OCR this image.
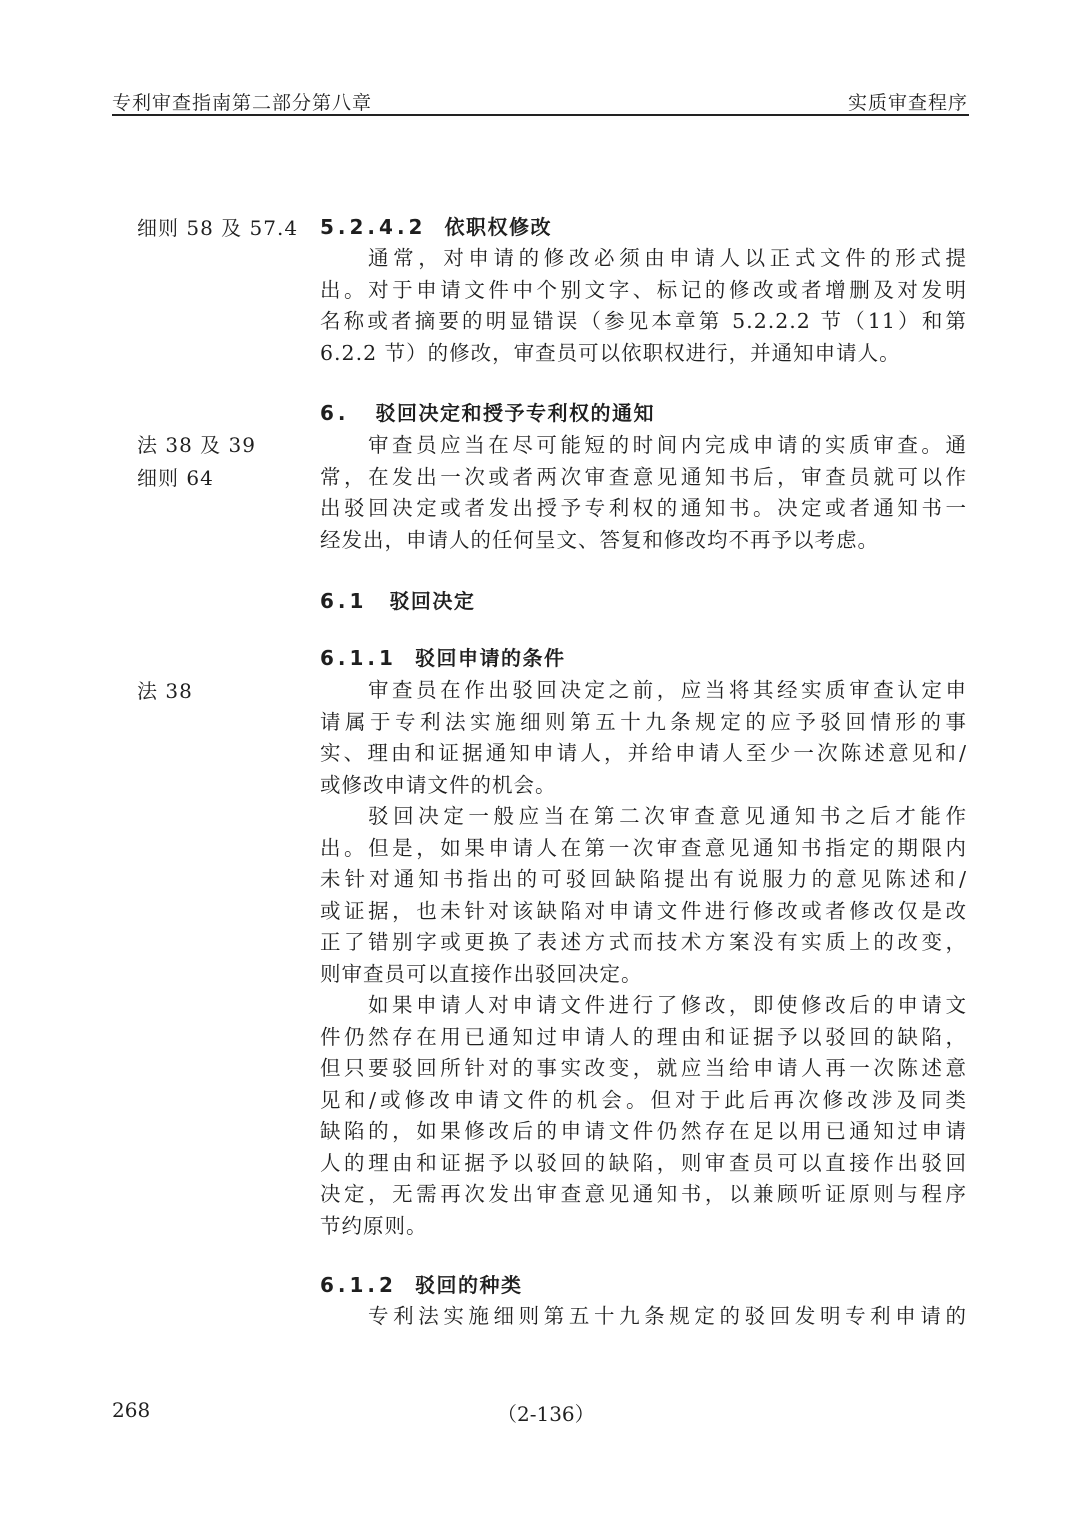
专利审查指南第二部分第八章	实质审查程序
细则 58 及 57.4 5.2.4.2 依职权修改
通常，对申请的修改必须由申请人以正式文件的形式提
出。对于申请文件中个别文字、标记的修改或者增删及对发明
名称或者摘要的明显错误（参见本章第 5.2.2.2 节（11）和第
6.2.2 节）的修改，审查员可以依职权进行，并通知申请人。
6. 驳回决定和授予专利权的通知
法 38 及 39
细则 64
审查员应当在尽可能短的时间内完成申请的实质审查。通
常，在发出一次或者两次审查意见通知书后，审查员就可以作
出驳回决定或者发出授予专利权的通知书。决定或者通知书一
经发出，申请人的任何呈文、答复和修改均不再予以考虑。
6.1 驳回决定
6.1.1 驳回申请的条件
法 38	审查员在作出驳回决定之前，应当将其经实质审查认定申
请属于专利法实施细则第五十九条规定的应予驳回情形的事
实、理由和证据通知申请人，并给申请人至少一次陈述意见和/
或修改申请文件的机会。
驳回决定一般应当在第二次审查意见通知书之后才能作
出。但是，如果申请人在第一次审查意见通知书指定的期限内
未针对通知书指出的可驳回缺陷提出有说服力的意见陈述和/
或证据，也未针对该缺陷对申请文件进行修改或者修改仅是改
正了错别字或更换了表述方式而技术方案没有实质上的改变，
则审查员可以直接作出驳回决定。
如果申请人对申请文件进行了修改，即使修改后的申请文
件仍然存在用已通知过申请人的理由和证据予以驳回的缺陷，
但只要驳回所针对的事实改变，就应当给申请人再一次陈述意
见和/或修改申请文件的机会。但对于此后再次修改涉及同类
缺陷的，如果修改后的申请文件仍然存在足以用已通知过申请
人的理由和证据予以驳回的缺陷，则审查员可以直接作出驳回
决定，无需再次发出审查意见通知书，以兼顾听证原则与程序
节约原则。
6.1.2 驳回的种类
专利法实施细则第五十九条规定的驳回发明专利申请的
268	（2-136）
